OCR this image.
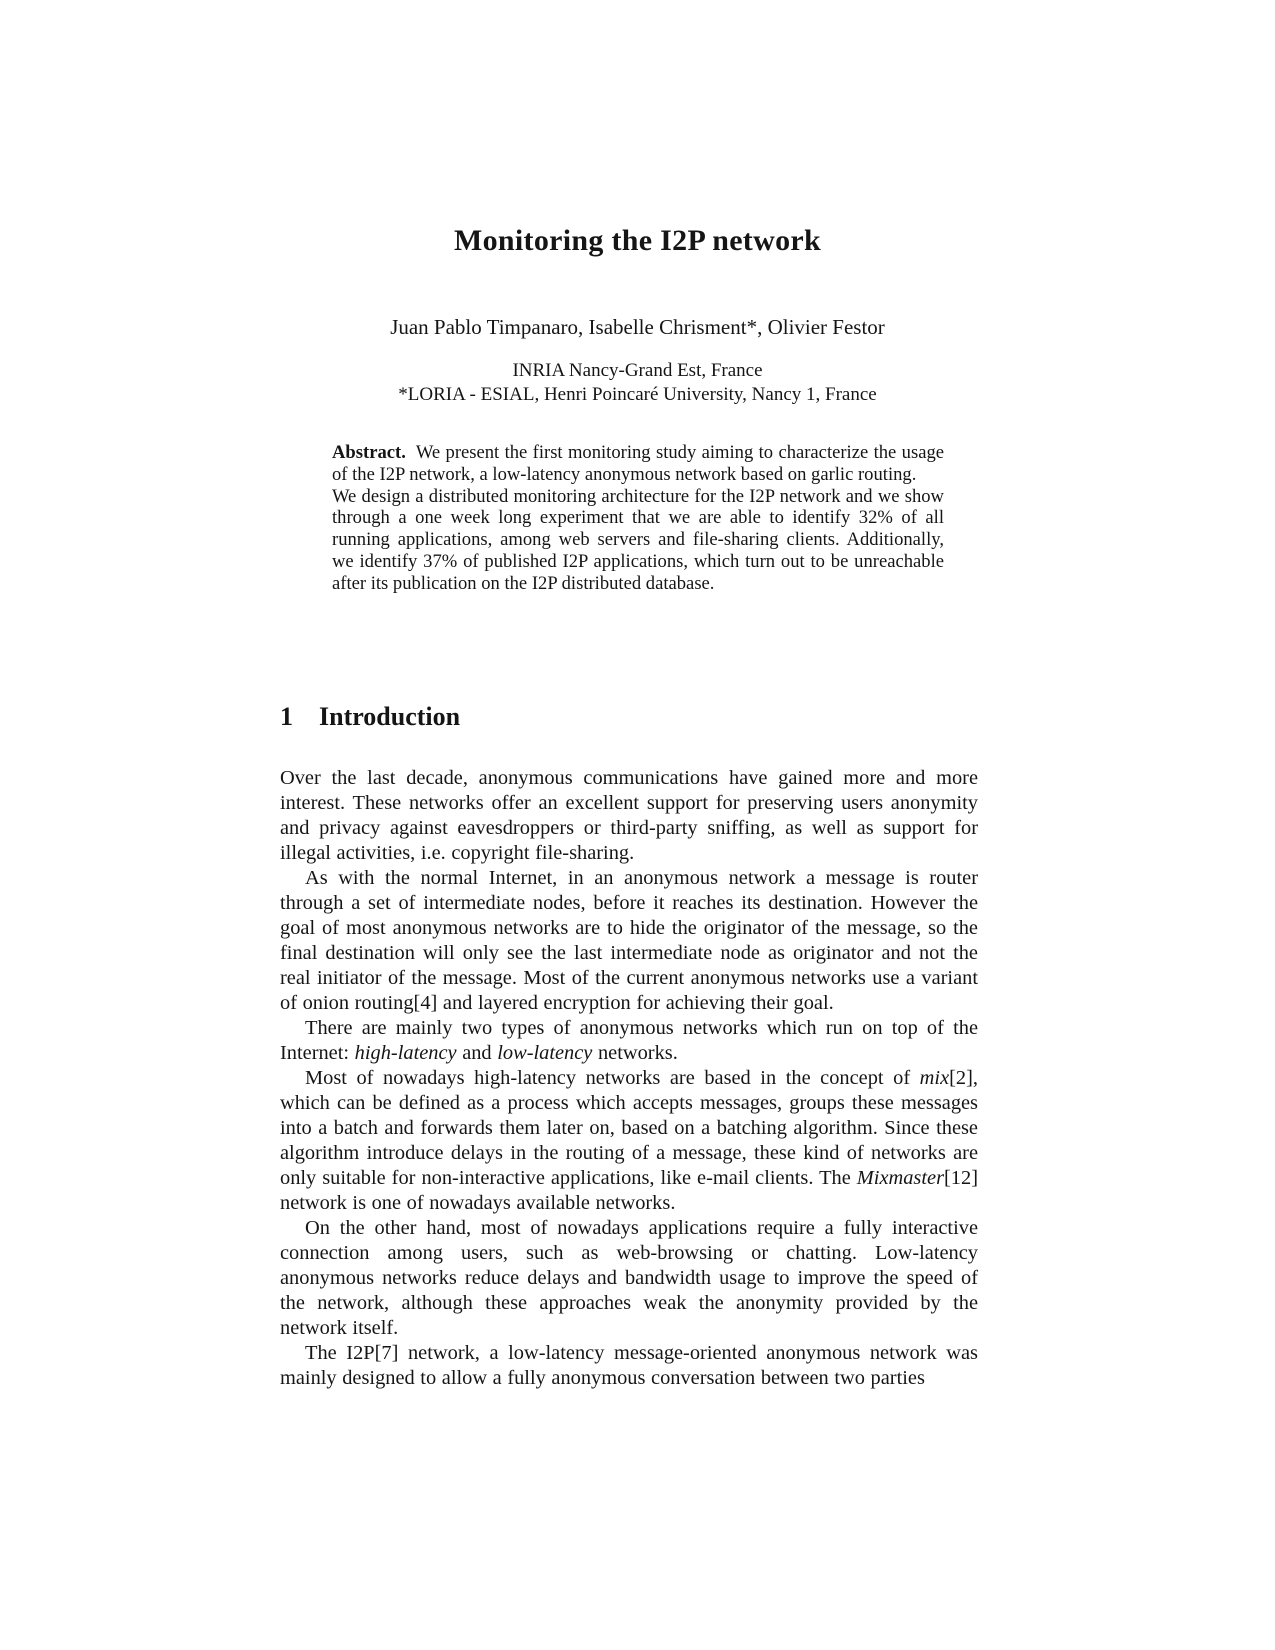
Monitoring the I2P network
Juan Pablo Timpanaro, Isabelle Chrisment*, Olivier Festor
INRIA Nancy-Grand Est, France
*LORIA - ESIAL, Henri Poincaré University, Nancy 1, France

Abstract. We present the first monitoring study aiming to characterize the usage of the I2P network, a low-latency anonymous network based on garlic routing.

We design a distributed monitoring architecture for the I2P network and we show through a one week long experiment that we are able to identify 32% of all running applications, among web servers and file-sharing clients. Additionally, we identify 37% of published I2P applications, which turn out to be unreachable after its publication on the I2P distributed database.

1 Introduction

Over the last decade, anonymous communications have gained more and more interest. These networks offer an excellent support for preserving users anonymity and privacy against eavesdroppers or third-party sniffing, as well as support for illegal activities, i.e. copyright file-sharing.

As with the normal Internet, in an anonymous network a message is router through a set of intermediate nodes, before it reaches its destination. However the goal of most anonymous networks are to hide the originator of the message, so the final destination will only see the last intermediate node as originator and not the real initiator of the message. Most of the current anonymous networks use a variant of onion routing[4] and layered encryption for achieving their goal.

There are mainly two types of anonymous networks which run on top of the Internet: high-latency and low-latency networks.

Most of nowadays high-latency networks are based in the concept of mix[2], which can be defined as a process which accepts messages, groups these messages into a batch and forwards them later on, based on a batching algorithm. Since these algorithm introduce delays in the routing of a message, these kind of networks are only suitable for non-interactive applications, like e-mail clients. The Mixmaster[12] network is one of nowadays available networks.

On the other hand, most of nowadays applications require a fully interactive connection among users, such as web-browsing or chatting. Low-latency anonymous networks reduce delays and bandwidth usage to improve the speed of the network, although these approaches weak the anonymity provided by the network itself.

The I2P[7] network, a low-latency message-oriented anonymous network was mainly designed to allow a fully anonymous conversation between two parties
